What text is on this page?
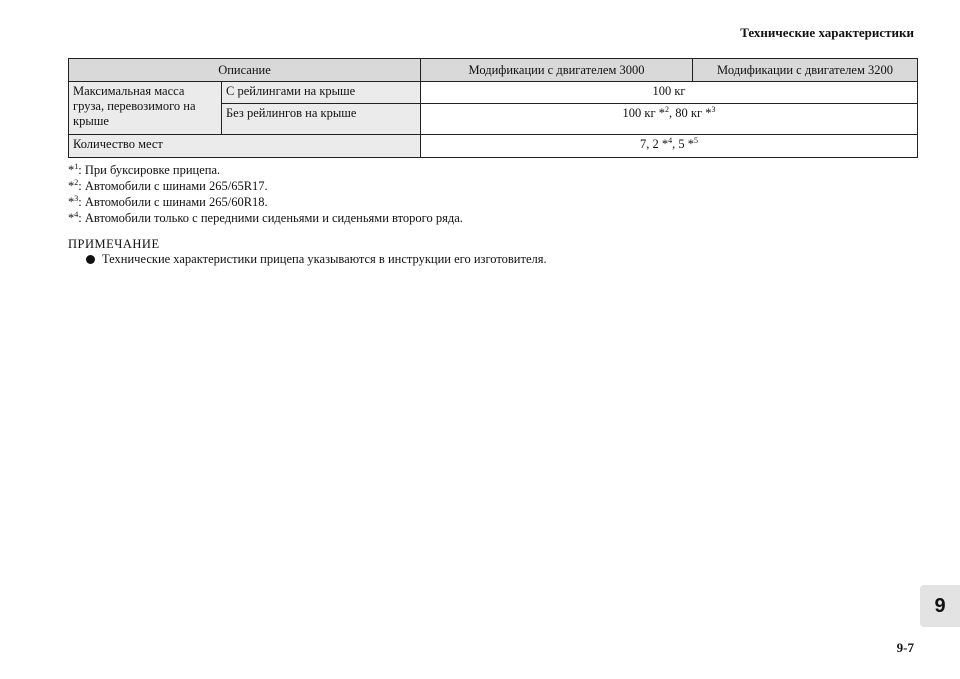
Технические характеристики
Описание		Модификации с двигателем 3000	Модификации с двигателем 3200
Максимальная масса груза, перевозимого на крыше	С рейлингами на крыше	100 кг	
	Без рейлингов на крыше	100 кг *$^2$, 80 кг *$^3$
Количество мест		7, 2 *$^4$, 5 *$^5$
*$^1$: При буксировке прицепа.
*$^2$: Автомобили с шинами 265/65R17.
*$^3$: Автомобили с шинами 265/60R18.
*$^4$: Автомобили только с передними сиденьями и сиденьями второго ряда.
ПРИМЕЧАНИЕ
Технические характеристики прицепа указываются в инструкции его изготовителя.
9
9-7
